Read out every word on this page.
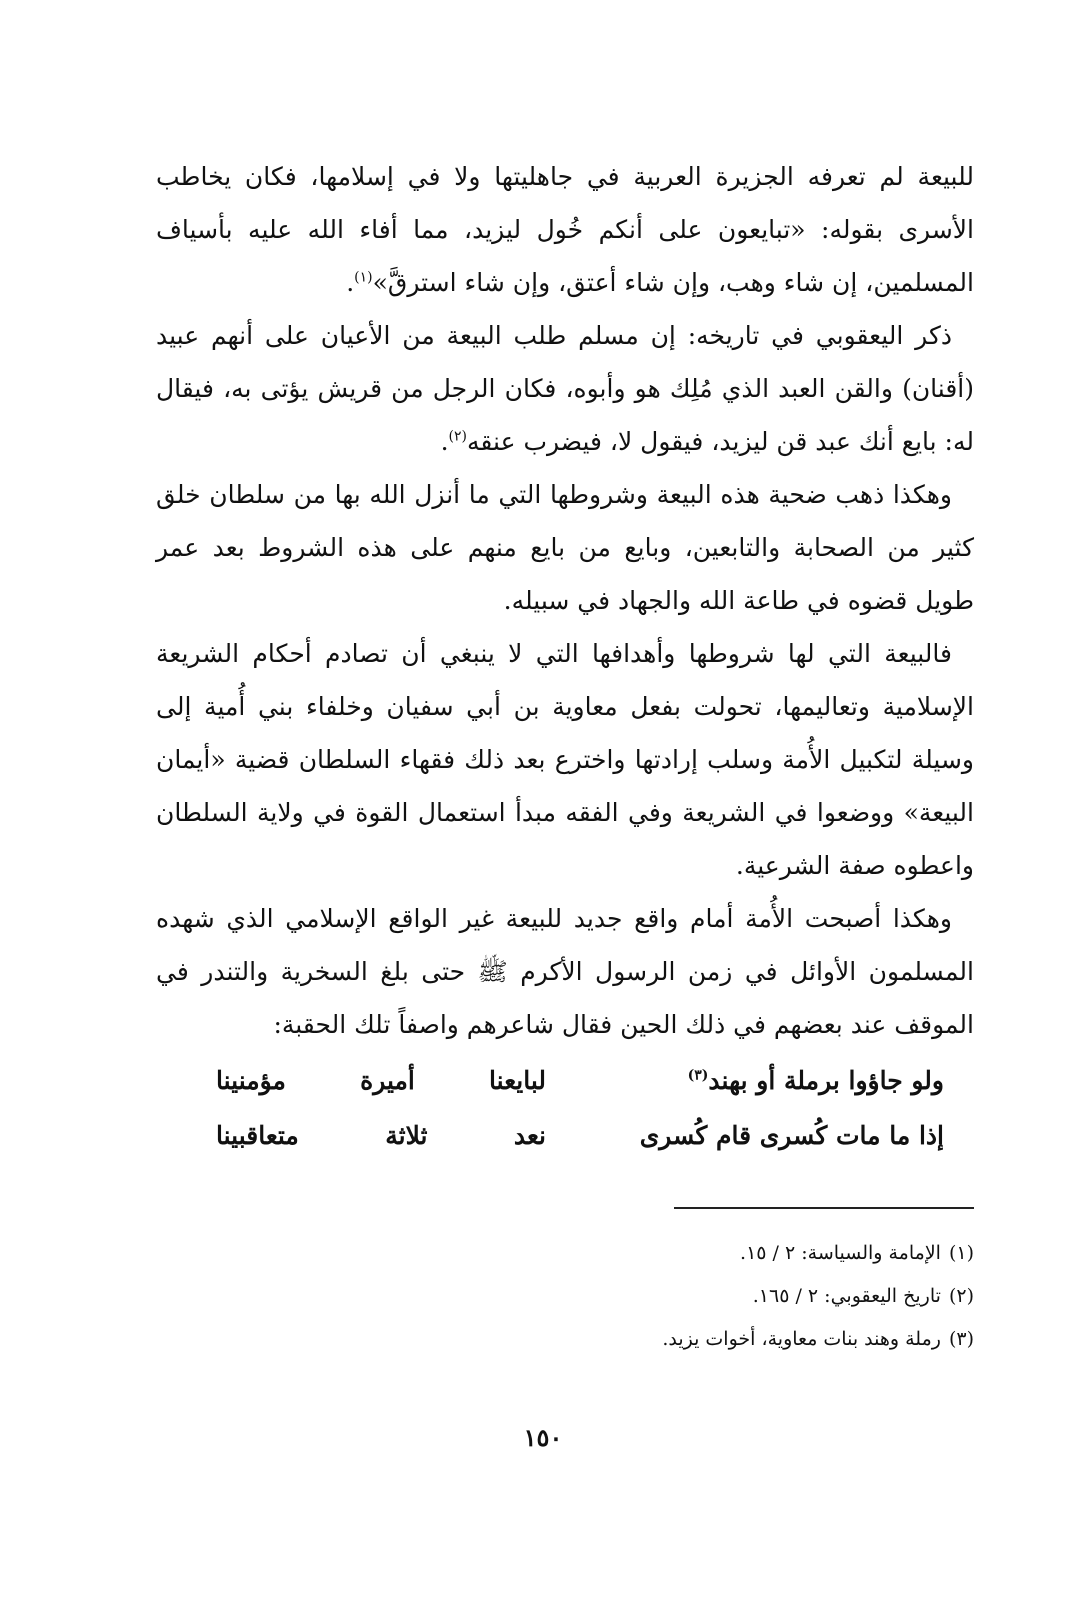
للبيعة لم تعرفه الجزيرة العربية في جاهليتها ولا في إسلامها، فكان يخاطب الأسرى بقوله: «تبايعون على أنكم خُول ليزيد، مما أفاء الله عليه بأسياف المسلمين، إن شاء وهب، وإن شاء أعتق، وإن شاء استرقَّ»$^{(١)}$.

ذكر اليعقوبي في تاريخه: إن مسلم طلب البيعة من الأعيان على أنهم عبيد (أقنان) والقن العبد الذي مُلِك هو وأبوه، فكان الرجل من قريش يؤتى به، فيقال له: بايع أنك عبد قن ليزيد، فيقول لا، فيضرب عنقه$^{(٢)}$.

وهكذا ذهب ضحية هذه البيعة وشروطها التي ما أنزل الله بها من سلطان خلق كثير من الصحابة والتابعين، وبايع من بايع منهم على هذه الشروط بعد عمر طويل قضوه في طاعة الله والجهاد في سبيله.

فالبيعة التي لها شروطها وأهدافها التي لا ينبغي أن تصادم أحكام الشريعة الإسلامية وتعاليمها، تحولت بفعل معاوية بن أبي سفيان وخلفاء بني أُمية إلى وسيلة لتكبيل الأُمة وسلب إرادتها واخترع بعد ذلك فقهاء السلطان قضية «أيمان البيعة» ووضعوا في الشريعة وفي الفقه مبدأ استعمال القوة في ولاية السلطان واعطوه صفة الشرعية.

وهكذا أصبحت الأُمة أمام واقع جديد للبيعة غير الواقع الإسلامي الذي شهده المسلمون الأوائل في زمن الرسول الأكرم ﷺ حتى بلغ السخرية والتندر في الموقف عند بعضهم في ذلك الحين فقال شاعرهم واصفاً تلك الحقبة:

ولو جاؤوا برملة أو بهند$^{(٣)}$
لبايعنا أميرة مؤمنينا
إذا ما مات كُسرى قام كُسرى
نعد ثلاثة متعاقبينا

(١)الإمامة والسياسة: ٢ / ١٥.

(٢)تاريخ اليعقوبي: ٢ / ١٦٥.

(٣)رملة وهند بنات معاوية، أخوات يزيد.

١٥٠
